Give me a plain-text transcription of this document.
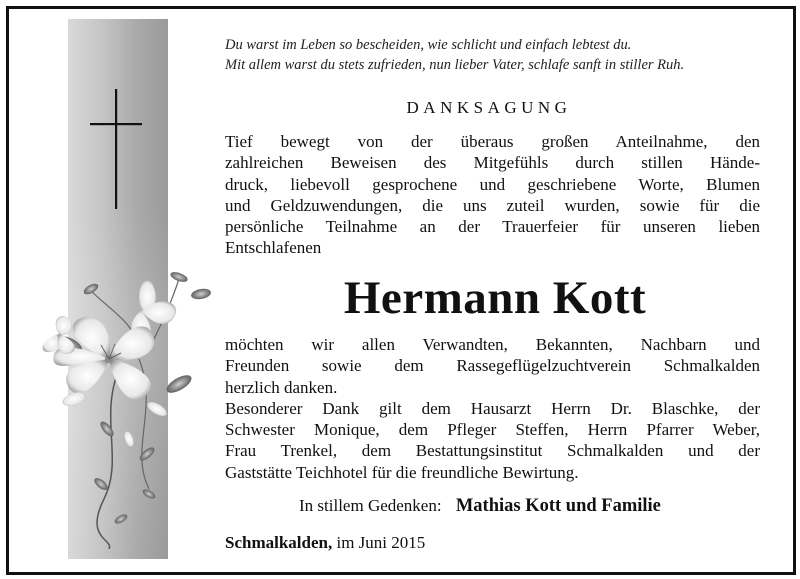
Du warst im Leben so bescheiden, wie schlicht und einfach lebtest du.
Mit allem warst du stets zufrieden, nun lieber Vater, schlafe sanft in stiller Ruh.
DANKSAGUNG
Tief bewegt von der überaus großen Anteilnahme, den
zahlreichen Beweisen des Mitgefühls durch stillen Hände-
druck, liebevoll gesprochene und geschriebene Worte, Blumen
und Geldzuwendungen, die uns zuteil wurden, sowie für die
persönliche Teilnahme an der Trauerfeier für unseren lieben
Entschlafenen
Hermann Kott
möchten wir allen Verwandten, Bekannten, Nachbarn und
Freunden sowie dem Rassegeflügelzuchtverein Schmalkalden
herzlich danken.
Besonderer Dank gilt dem Hausarzt Herrn Dr. Blaschke, der
Schwester Monique, dem Pfleger Steffen, Herrn Pfarrer Weber,
Frau Trenkel, dem Bestattungsinstitut Schmalkalden und der
Gaststätte Teichhotel für die freundliche Bewirtung.
In stillem Gedenken: Mathias Kott und Familie
Schmalkalden, im Juni 2015
